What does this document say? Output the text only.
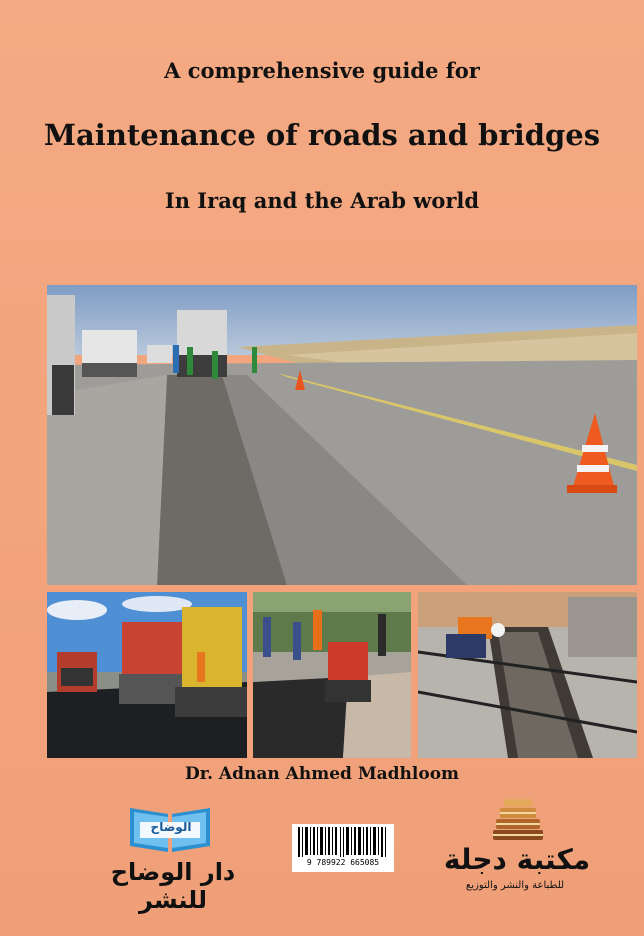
A comprehensive guide for
Maintenance of roads and bridges
In Iraq and the Arab world
Dr. Adnan Ahmed Madhloom
الوضاح
دار الوضاح للنشر
9 789922 665085	مكتبة دجلة
للطباعة والنشر والتوزيع
